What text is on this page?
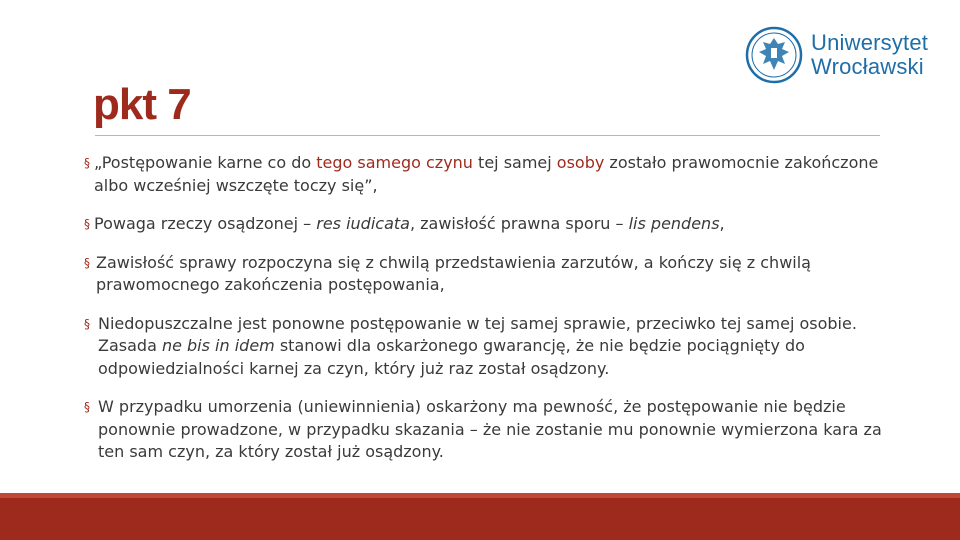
Uniwersytet
Wrocławski
pkt 7
§ „Postępowanie karne co do tego samego czynu tej samej osoby zostało prawomocnie zakończone albo wcześniej wszczęte toczy się”,
§ Powaga rzeczy osądzonej – res iudicata, zawisłość prawna sporu – lis pendens,
§ Zawisłość sprawy rozpoczyna się z chwilą przedstawienia zarzutów, a kończy się z chwilą prawomocnego zakończenia postępowania,
§ Niedopuszczalne jest ponowne postępowanie w tej samej sprawie, przeciwko tej samej osobie. Zasada ne bis in idem stanowi dla oskarżonego gwarancję, że nie będzie pociągnięty do odpowiedzialności karnej za czyn, który już raz został osądzony.
§ W przypadku umorzenia (uniewinnienia) oskarżony ma pewność, że postępowanie nie będzie ponownie prowadzone, w przypadku skazania – że nie zostanie mu ponownie wymierzona kara za ten sam czyn, za który został już osądzony.
